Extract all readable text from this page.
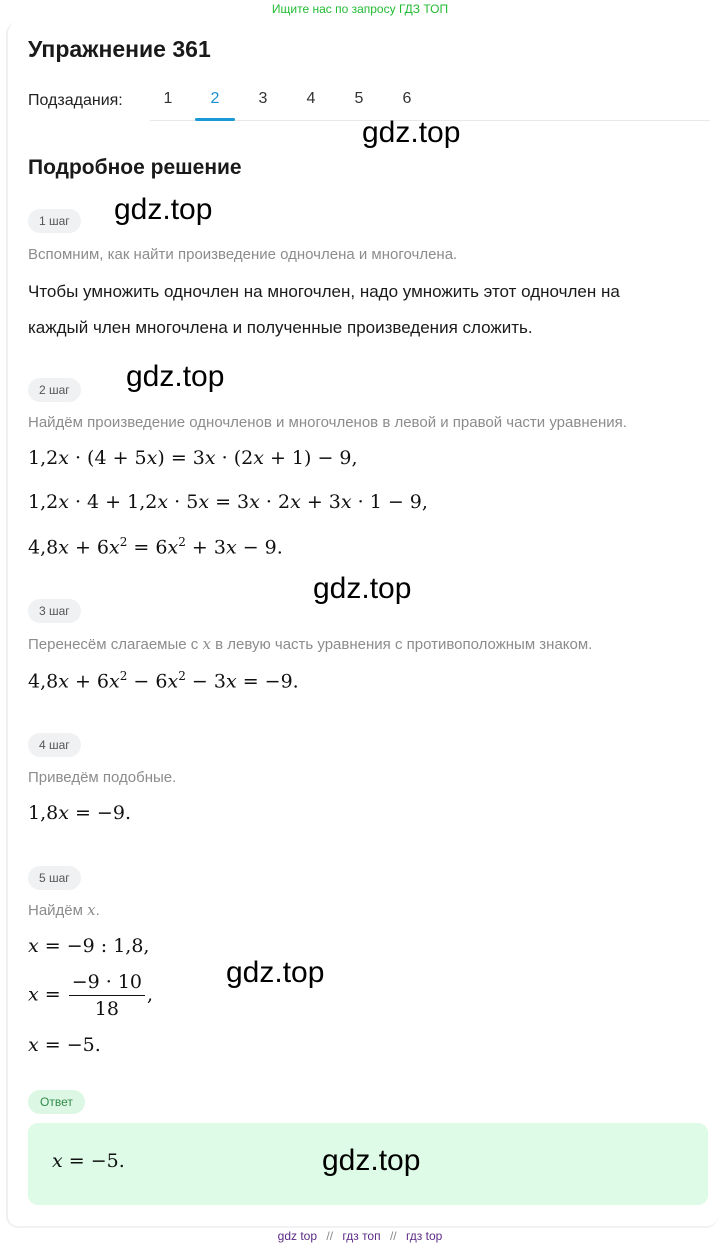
Ищите нас по запросу ГДЗ ТОП
Упражнение 361
Подзадания:	1	2	3	4	5	6
gdz.top
Подробное решение
1 шаг	gdz.top
Вспомним, как найти произведение одночлена и многочлена.
Чтобы умножить одночлен на многочлен, надо умножить этот одночлен на
каждый член многочлена и полученные произведения сложить.
2 шаг	gdz.top
Найдём произведение одночленов и многочленов в левой и правой части уравнения.
1,2x · (4 + 5x) = 3x · (2x + 1) − 9,
1,2x · 4 + 1,2x · 5x = 3x · 2x + 3x · 1 − 9,
$4,8x + 6x^2 = 6x^2 + 3x - 9$.
gdz.top
3 шаг
Перенесём слагаемые с x в левую часть уравнения с противоположным знаком.
$4,8x + 6x^2 - 6x^2 - 3x = -9$.
4 шаг
Приведём подобные.
1,8x = −9.
5 шаг
Найдём x.
x = −9 : 1,8,
$x = \frac{-9 \cdot 10}{18}$ ,
x = −5.
gdz.top
Ответ
x = −5.	gdz.top
gdz top // гдз топ // гдз top
